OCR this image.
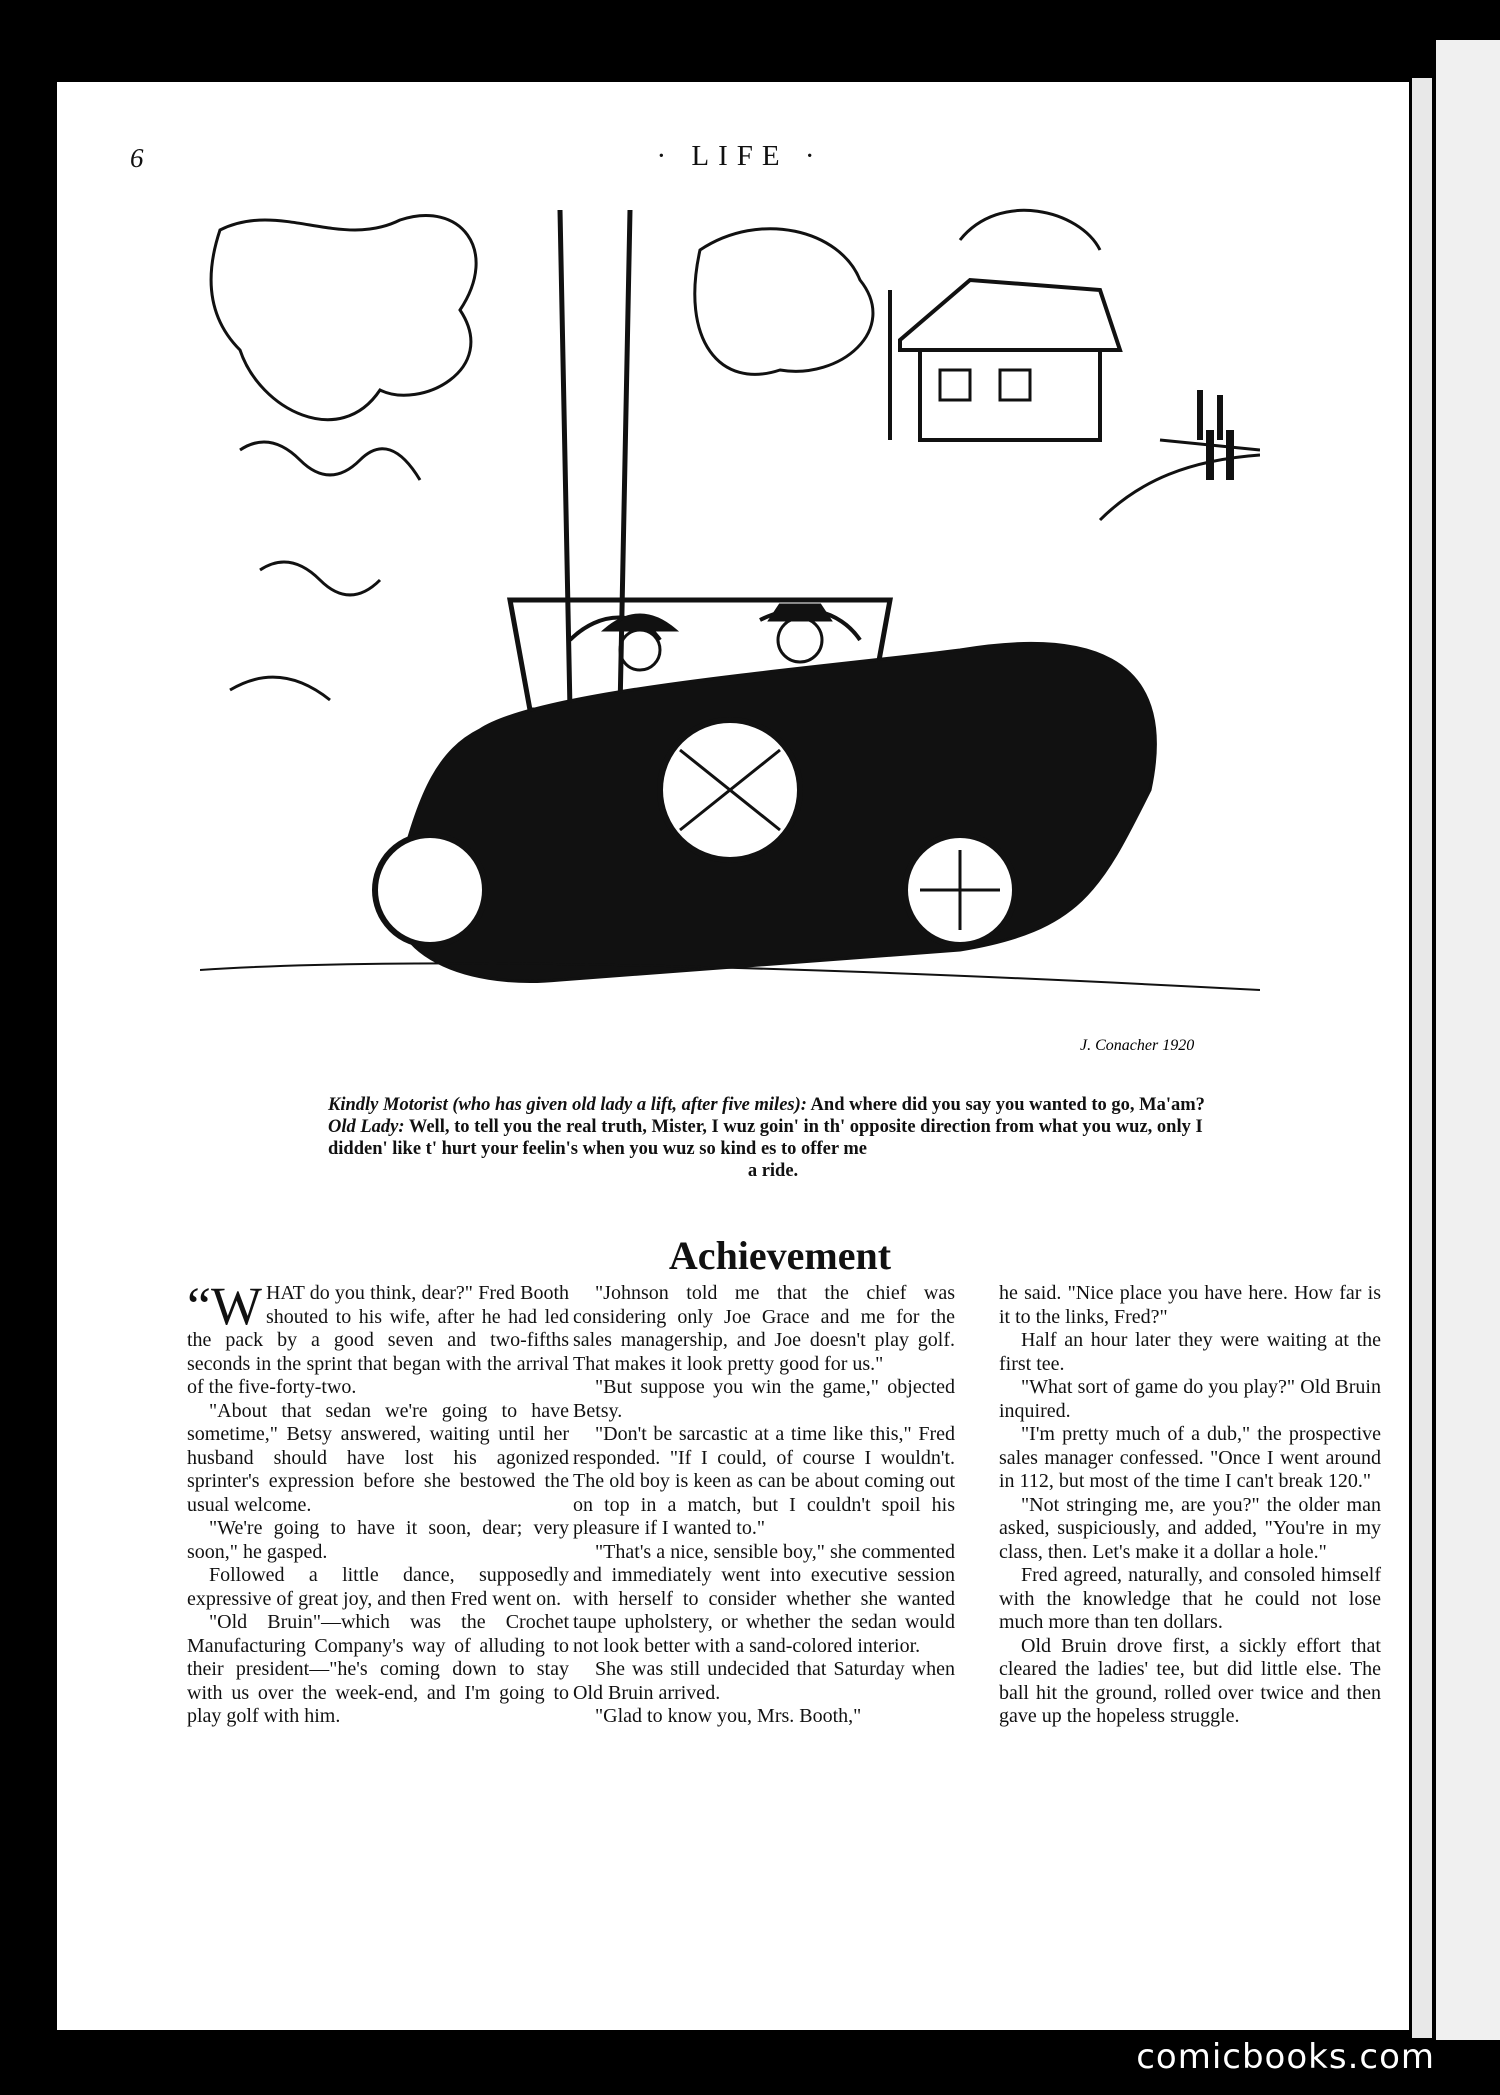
6	· LIFE ·
J. Conacher 1920

Kindly Motorist (who has given old lady a lift, after five miles): And where did you say you wanted to go, Ma'am?

Old Lady: Well, to tell you the real truth, Mister, I wuz goin' in th' opposite direction from what you wuz, only I didden' like t' hurt your feelin's when you wuz so kind es to offer me

a ride.

Achievement

“WHAT do you think, dear?" Fred Booth shouted to his wife, after he had led the pack by a good seven and two-fifths seconds in the sprint that began with the arrival of the five-forty-two.

"About that sedan we're going to have sometime," Betsy answered, waiting until her husband should have lost his agonized sprinter's expression before she bestowed the usual welcome.

"We're going to have it soon, dear; very soon," he gasped.

Followed a little dance, supposedly expressive of great joy, and then Fred went on.

"Old Bruin"—which was the Crochet Manufacturing Company's way of alluding to their president—"he's coming down to stay with us over the week-end, and I'm going to play golf with him.

"Johnson told me that the chief was considering only Joe Grace and me for the sales managership, and Joe doesn't play golf. That makes it look pretty good for us."

"But suppose you win the game," objected Betsy.

"Don't be sarcastic at a time like this," Fred responded. "If I could, of course I wouldn't. The old boy is keen as can be about coming out on top in a match, but I couldn't spoil his pleasure if I wanted to."

"That's a nice, sensible boy," she commented and immediately went into executive session with herself to consider whether she wanted taupe upholstery, or whether the sedan would not look better with a sand-colored interior.

She was still undecided that Saturday when Old Bruin arrived.

"Glad to know you, Mrs. Booth,"

he said. "Nice place you have here. How far is it to the links, Fred?"

Half an hour later they were waiting at the first tee.

"What sort of game do you play?" Old Bruin inquired.

"I'm pretty much of a dub," the prospective sales manager confessed. "Once I went around in 112, but most of the time I can't break 120."

"Not stringing me, are you?" the older man asked, suspiciously, and added, "You're in my class, then. Let's make it a dollar a hole."

Fred agreed, naturally, and consoled himself with the knowledge that he could not lose much more than ten dollars.

Old Bruin drove first, a sickly effort that cleared the ladies' tee, but did little else. The ball hit the ground, rolled over twice and then gave up the hopeless struggle.

comicbooks.com
